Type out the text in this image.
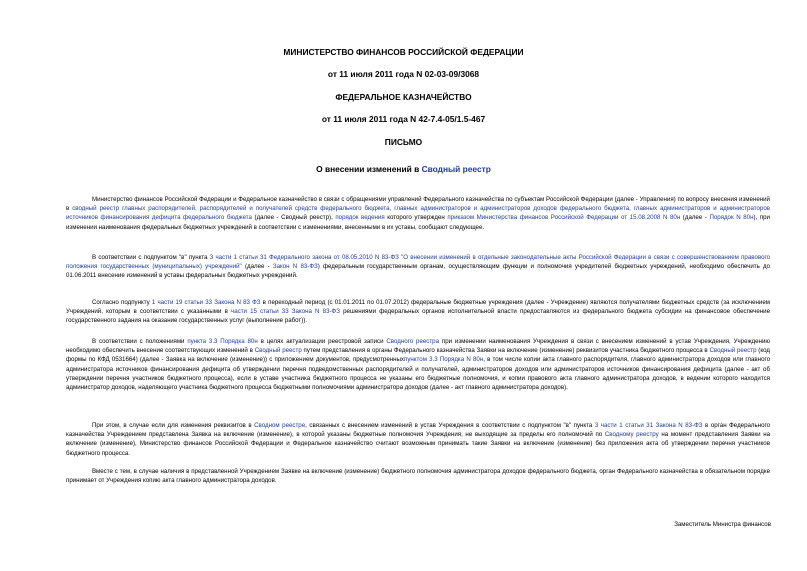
МИНИСТЕРСТВО ФИНАНСОВ РОССИЙСКОЙ ФЕДЕРАЦИИ
от 11 июля 2011 года N 02-03-09/3068
ФЕДЕРАЛЬНОЕ КАЗНАЧЕЙСТВО
от 11 июля 2011 года N 42-7.4-05/1.5-467
ПИСЬМО
О внесении изменений в Сводный реестр

Министерство финансов Российской Федерации и Федеральное казначейство в связи с обращениями управлений Федерального казначейства по субъектам Российской Федерации (далее - Управления) по вопросу внесения изменений в сводный реестр главных распорядителей, распорядителей и получателей средств федерального бюджета, главных администраторов и администраторов доходов федерального бюджета, главных администраторов и администраторов источников финансирования дефицита федерального бюджета (далее - Сводный реестр), порядок ведения которого утвержден приказом Министерства финансов Российской Федерации от 15.08.2008 N 80н (далее - Порядок N 80н), при изменении наименования федеральных бюджетных учреждений в соответствии с изменениями, внесенными в их уставы, сообщают следующее.

В соответствии с подпунктом "в" пункта 3 части 1 статьи 31 Федерального закона от 08.05.2010 N 83-ФЗ "О внесении изменений в отдельные законодательные акты Российской Федерации в связи с совершенствованием правового положения государственных (муниципальных) учреждений" (далее - Закон N 83-ФЗ) федеральным государственным органам, осуществляющим функции и полномочия учредителей бюджетных учреждений, необходимо обеспечить до 01.06.2011 внесение изменений в уставы федеральных бюджетных учреждений.

Согласно подпункту 1 части 19 статьи 33 Закона N 83 ФЗ в переходный период (с 01.01.2011 по 01.07.2012) федеральные бюджетные учреждения (далее - Учреждение) являются получателями бюджетных средств (за исключением Учреждений, которым в соответствии с указанными в части 15 статьи 33 Закона N 83-ФЗ решениями федеральных органов исполнительной власти предоставляются из федерального бюджета субсидии на финансовое обеспечение государственного задания на оказание государственных услуг (выполнение работ)).

В соответствии с положениями пункта 3.3 Порядка 80н в целях актуализации реестровой записи Сводного реестра при изменении наименования Учреждения в связи с внесением изменений в устав Учреждения, Учреждению необходимо обеспечить внесение соответствующих изменений в Сводный реестр путем представления в органы Федерального казначейства Заявки на включение (изменение) реквизитов участника бюджетного процесса в Сводный реестр (код формы по КФД 0531664) (далее - Заявка на включение (изменение)) с приложением документов, предусмотренныхпунктом 3.3 Порядка N 80н, в том числе копии акта главного распорядителя, главного администратора доходов или главного администратора источников финансирования дефицита об утверждении перечня подведомственных распорядителей и получателей, администраторов доходов или администраторов источников финансирования дефицита (далее - акт об утверждении перечня участников бюджетного процесса), если в уставе участника бюджетного процесса не указаны его бюджетные полномочия, и копии правового акта главного администратора доходов, в ведении которого находится администратор доходов, наделяющего участника бюджетного процесса бюджетными полномочиями администратора доходов (далее - акт главного администратора доходов).

При этом, в случае если для изменения реквизитов в Сводном реестре, связанных с внесением изменений в устав Учреждения в соответствии с подпунктом "в" пункта 3 части 1 статьи 31 Закона N 83-ФЗ в орган Федерального казначейства Учреждением представлена Заявка на включение (изменение), в которой указаны бюджетные полномочия Учреждения, не выходящие за пределы его полномочий по Сводному реестру на момент представления Заявки на включение (изменение), Министерство финансов Российской Федерации и Федеральное казначейство считают возможным принимать такие Заявки на включение (изменение) без приложения акта об утверждении перечня участников бюджетного процесса.

Вместе с тем, в случае наличия в представленной Учреждением Заявке на включение (изменение) бюджетного полномочия администратора доходов федерального бюджета, орган Федерального казначейства в обязательном порядке принимает от Учреждения копию акта главного администратора доходов.

Заместитель Министра финансов
